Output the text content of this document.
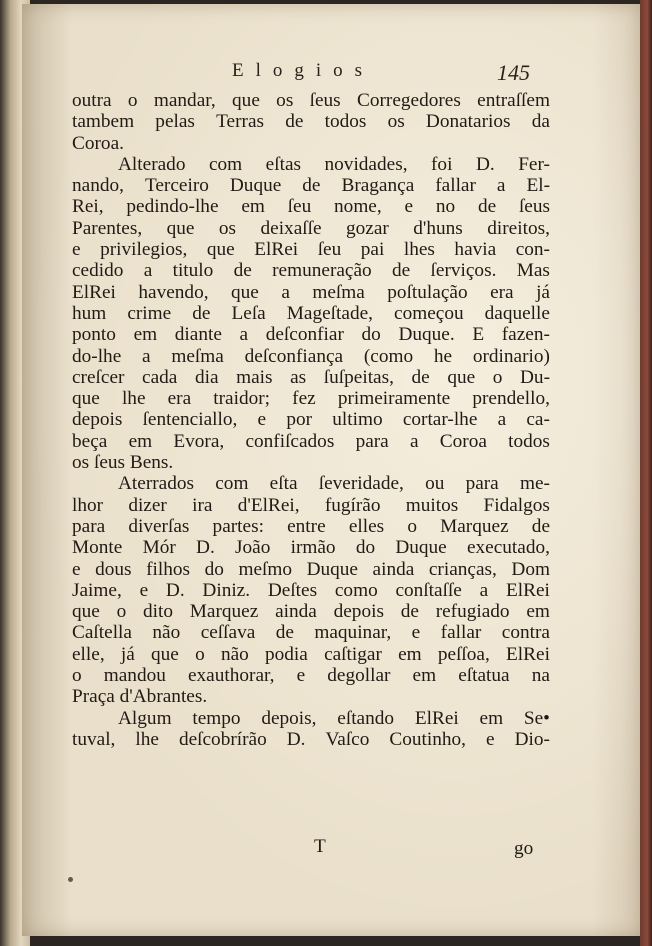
Elogios	145
outra o mandar, que os ſeus Corregedores entraſſem
tambem pelas Terras de todos os Donatarios da
Coroa.
Alterado com eſtas novidades, foi D. Fer-
nando, Terceiro Duque de Bragança fallar a El-
Rei, pedindo-lhe em ſeu nome, e no de ſeus
Parentes, que os deixaſſe gozar d'huns direitos,
e privilegios, que ElRei ſeu pai lhes havia con-
cedido a titulo de remuneração de ſerviços. Mas
ElRei havendo, que a meſma poſtulação era já
hum crime de Leſa Mageſtade, começou daquelle
ponto em diante a deſconfiar do Duque. E fazen-
do-lhe a meſma deſconfiança (como he ordinario)
creſcer cada dia mais as ſuſpeitas, de que o Du-
que lhe era traidor; fez primeiramente prendello,
depois ſentenciallo, e por ultimo cortar-lhe a ca-
beça em Evora, confiſcados para a Coroa todos
os ſeus Bens.
Aterrados com eſta ſeveridade, ou para me-
lhor dizer ira d'ElRei, fugírão muitos Fidalgos
para diverſas partes: entre elles o Marquez de
Monte Mór D. João irmão do Duque executado,
e dous filhos do meſmo Duque ainda crianças, Dom
Jaime, e D. Diniz. Deſtes como conſtaſſe a ElRei
que o dito Marquez ainda depois de refugiado em
Caſtella não ceſſava de maquinar, e fallar contra
elle, já que o não podia caſtigar em peſſoa, ElRei
o mandou exauthorar, e degollar em eſtatua na
Praça d'Abrantes.
Algum tempo depois, eſtando ElRei em Se•
tuval, lhe deſcobrírão D. Vaſco Coutinho, e Dio-
T	go
